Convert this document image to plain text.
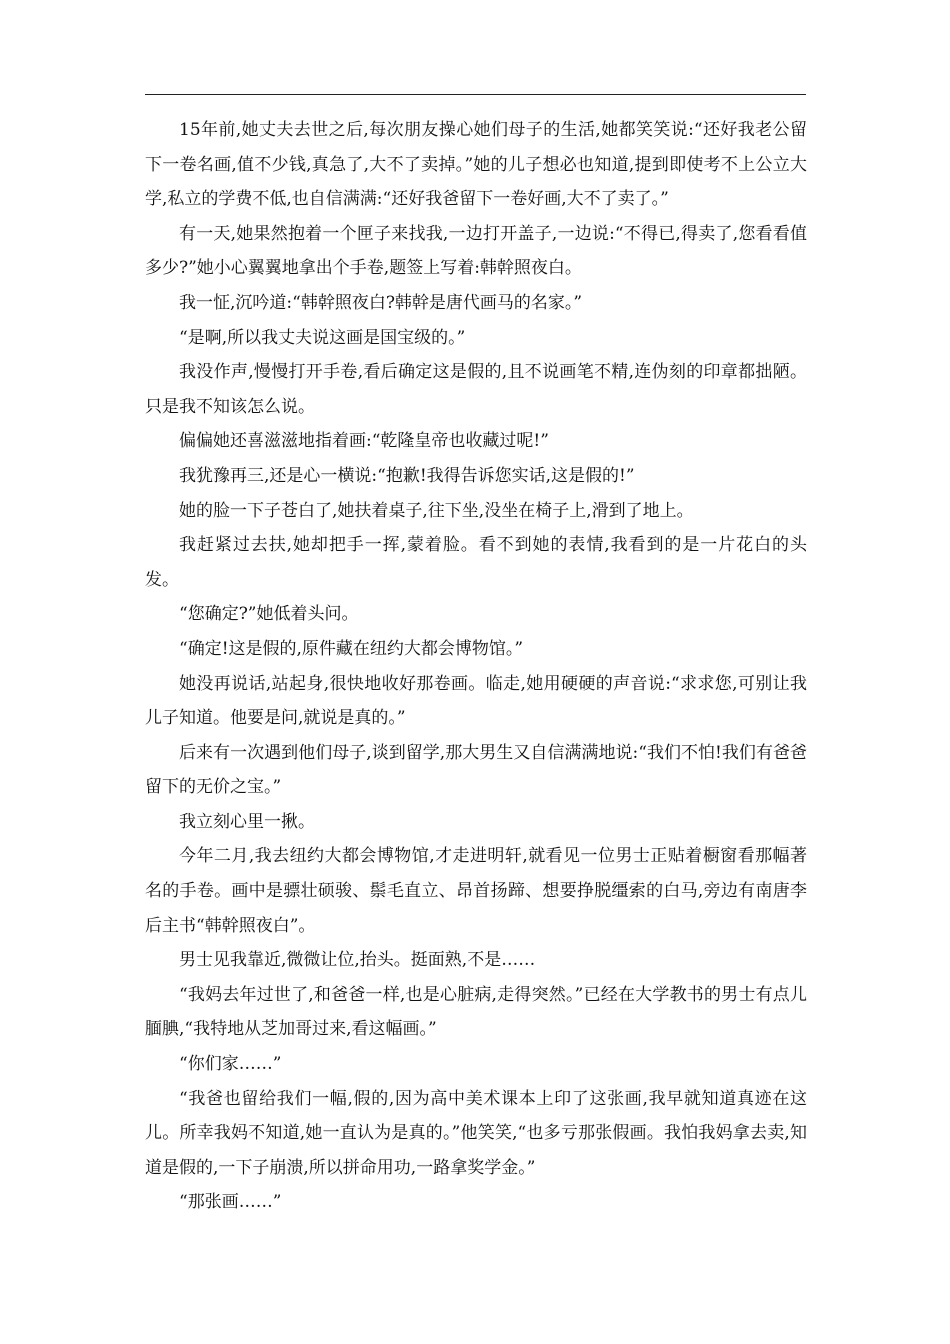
15年前,她丈夫去世之后,每次朋友操心她们母子的生活,她都笑笑说:“还好我老公留下一卷名画,值不少钱,真急了,大不了卖掉。”她的儿子想必也知道,提到即使考不上公立大学,私立的学费不低,也自信满满:“还好我爸留下一卷好画,大不了卖了。”

有一天,她果然抱着一个匣子来找我,一边打开盖子,一边说:“不得已,得卖了,您看看值多少?”她小心翼翼地拿出个手卷,题签上写着:韩幹照夜白。

我一怔,沉吟道:“韩幹照夜白?韩幹是唐代画马的名家。”

“是啊,所以我丈夫说这画是国宝级的。”

我没作声,慢慢打开手卷,看后确定这是假的,且不说画笔不精,连伪刻的印章都拙陋。只是我不知该怎么说。

偏偏她还喜滋滋地指着画:“乾隆皇帝也收藏过呢!”

我犹豫再三,还是心一横说:“抱歉!我得告诉您实话,这是假的!”

她的脸一下子苍白了,她扶着桌子,往下坐,没坐在椅子上,滑到了地上。

我赶紧过去扶,她却把手一挥,蒙着脸。看不到她的表情,我看到的是一片花白的头发。

“您确定?”她低着头问。

“确定!这是假的,原件藏在纽约大都会博物馆。”

她没再说话,站起身,很快地收好那卷画。临走,她用硬硬的声音说:“求求您,可别让我儿子知道。他要是问,就说是真的。”

后来有一次遇到他们母子,谈到留学,那大男生又自信满满地说:“我们不怕!我们有爸爸留下的无价之宝。”

我立刻心里一揪。

今年二月,我去纽约大都会博物馆,才走进明轩,就看见一位男士正贴着橱窗看那幅著名的手卷。画中是骠壮硕骏、鬃毛直立、昂首扬蹄、想要挣脱缰索的白马,旁边有南唐李后主书“韩幹照夜白”。

男士见我靠近,微微让位,抬头。挺面熟,不是……

“我妈去年过世了,和爸爸一样,也是心脏病,走得突然。”已经在大学教书的男士有点儿腼腆,“我特地从芝加哥过来,看这幅画。”

“你们家……”

“我爸也留给我们一幅,假的,因为高中美术课本上印了这张画,我早就知道真迹在这儿。所幸我妈不知道,她一直认为是真的。”他笑笑,“也多亏那张假画。我怕我妈拿去卖,知道是假的,一下子崩溃,所以拼命用功,一路拿奖学金。”

“那张画……”
